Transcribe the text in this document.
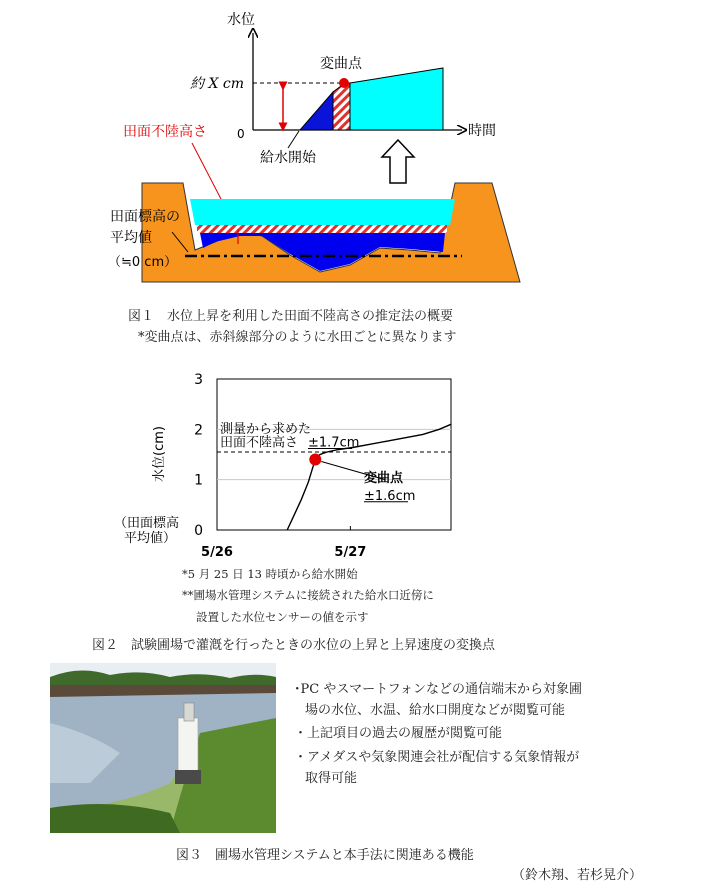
水位
時間
約 X cm
0
変曲点
給水開始
田面不陸高さ
田面標高の
平均値
（≒0 cm）
図１　水位上昇を利用した田面不陸高さの推定法の概要
*変曲点は、赤斜線部分のように水田ごとに異なります
0
1
2
3
5/26	5/27
水位(cm)	測量から求めた
田面不陸高さ ±1.7cm
変曲点
±1.6cm
（田面標高
平均値）
*5 月 25 日 13 時頃から給水開始
**圃場水管理システムに接続された給水口近傍に
設置した水位センサーの値を示す
図２　試験圃場で灌漑を行ったときの水位の上昇と上昇速度の変換点
･PC やスマートフォンなどの通信端末から対象圃
場の水位、水温、給水口開度などが閲覧可能
・上記項目の過去の履歴が閲覧可能
・アメダスや気象関連会社が配信する気象情報が
取得可能
図３　圃場水管理システムと本手法に関連ある機能
（鈴木翔、若杉晃介）
